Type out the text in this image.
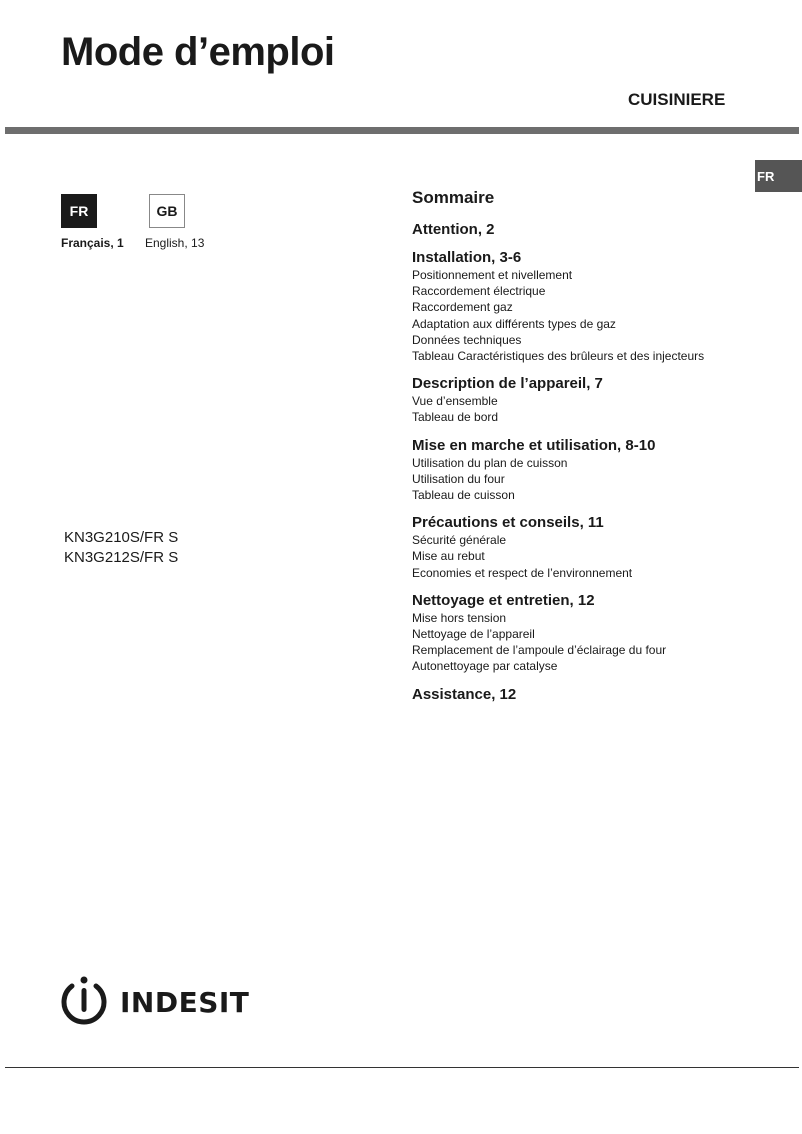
Mode d’emploi
CUISINIERE
FR
FR	GB
Français, 1 English, 13
KN3G210S/FR S
KN3G212S/FR S
Sommaire
Attention, 2
Installation, 3-6
Positionnement et nivellement
Raccordement électrique
Raccordement gaz
Adaptation aux différents types de gaz
Données techniques
Tableau Caractéristiques des brûleurs et des injecteurs
Description de l’appareil, 7
Vue d’ensemble
Tableau de bord
Mise en marche et utilisation, 8-10
Utilisation du plan de cuisson
Utilisation du four
Tableau de cuisson
Précautions et conseils, 11
Sécurité générale
Mise au rebut
Economies et respect de l’environnement
Nettoyage et entretien, 12
Mise hors tension
Nettoyage de l’appareil
Remplacement de l’ampoule d’éclairage du four
Autonettoyage par catalyse
Assistance, 12
INDESIT
